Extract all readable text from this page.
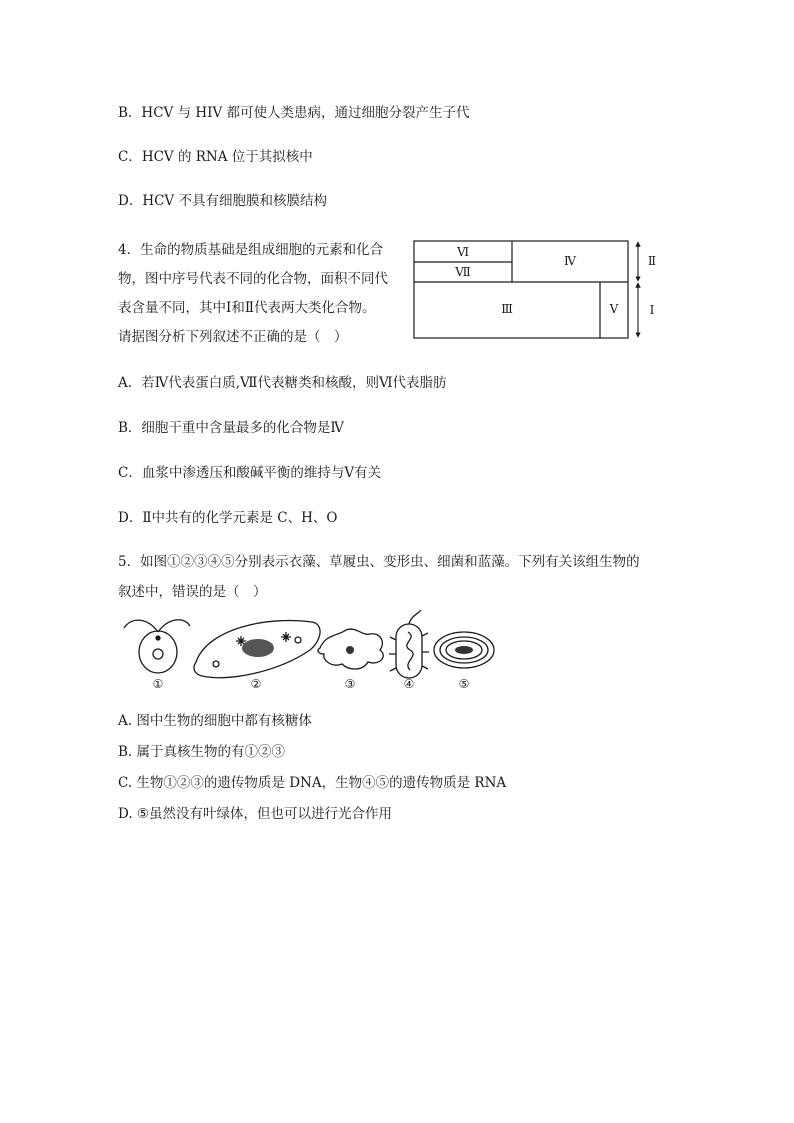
B．HCV 与 HIV 都可使人类患病，通过细胞分裂产生子代
C．HCV 的 RNA 位于其拟核中
D．HCV 不具有细胞膜和核膜结构
4．生命的物质基础是组成细胞的元素和化合
物，图中序号代表不同的化合物，面积不同代
表含量不同，其中Ⅰ和Ⅱ代表两大类化合物。
请据图分析下列叙述不正确的是（　）
Ⅵ
Ⅶ
Ⅳ
Ⅲ	Ⅴ
Ⅱ
Ⅰ
A．若Ⅳ代表蛋白质,Ⅶ代表糖类和核酸，则Ⅵ代表脂肪
B．细胞干重中含量最多的化合物是Ⅳ
C．血浆中渗透压和酸碱平衡的维持与Ⅴ有关
D．Ⅱ中共有的化学元素是 C、H、O
5．如图①②③④⑤分别表示衣藻、草履虫、变形虫、细菌和蓝藻。下列有关该组生物的
叙述中，错误的是（　）
①	②	③	④	⑤
A. 图中生物的细胞中都有核糖体
B. 属于真核生物的有①②③
C. 生物①②③的遗传物质是 DNA，生物④⑤的遗传物质是 RNA
D. ⑤虽然没有叶绿体，但也可以进行光合作用
